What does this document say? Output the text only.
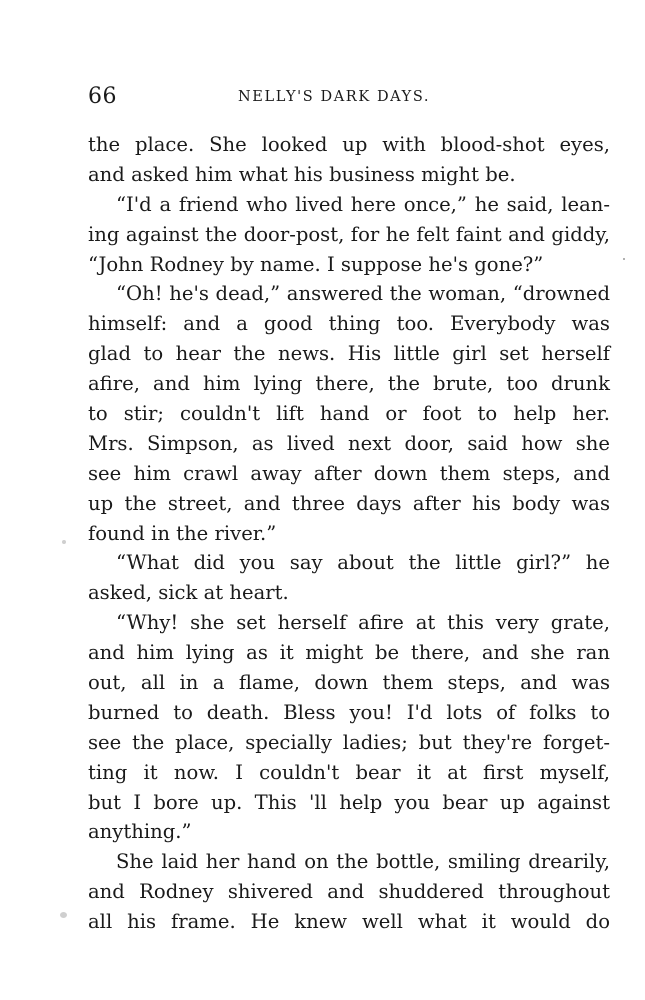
66	NELLY'S DARK DAYS.
the place. She looked up with blood-shot eyes,
and asked him what his business might be.
“I'd a friend who lived here once,” he said, lean-
ing against the door-post, for he felt faint and giddy,
“John Rodney by name. I suppose he's gone?”
“Oh! he's dead,” answered the woman, “drowned
himself: and a good thing too. Everybody was
glad to hear the news. His little girl set herself
afire, and him lying there, the brute, too drunk
to stir; couldn't lift hand or foot to help her.
Mrs. Simpson, as lived next door, said how she
see him crawl away after down them steps, and
up the street, and three days after his body was
found in the river.”
“What did you say about the little girl?” he
asked, sick at heart.
“Why! she set herself afire at this very grate,
and him lying as it might be there, and she ran
out, all in a flame, down them steps, and was
burned to death. Bless you! I'd lots of folks to
see the place, specially ladies; but they're forget-
ting it now. I couldn't bear it at first myself,
but I bore up. This 'll help you bear up against
anything.”
She laid her hand on the bottle, smiling drearily,
and Rodney shivered and shuddered throughout
all his frame. He knew well what it would do
